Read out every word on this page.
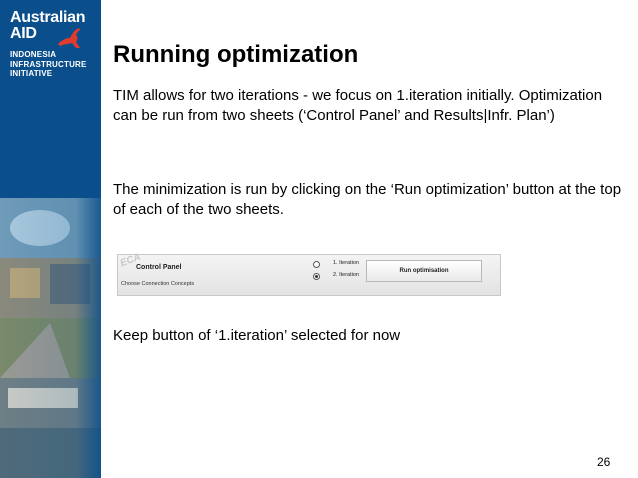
Australian
AID
INDONESIA
INFRASTRUCTURE
INITIATIVE
Running optimization

TIM allows for two iterations - we focus on 1.iteration initially. Optimization can be run from two sheets (‘Control Panel’ and Results|Infr. Plan’)

The minimization is run by clicking on the ‘Run optimization’ button at the top of each of the two sheets.

ECA
Control Panel
Choose Connection Concepts
1. Iteration
2. Iteration
Run optimisation

Keep button of ‘1.iteration’ selected for now

26
